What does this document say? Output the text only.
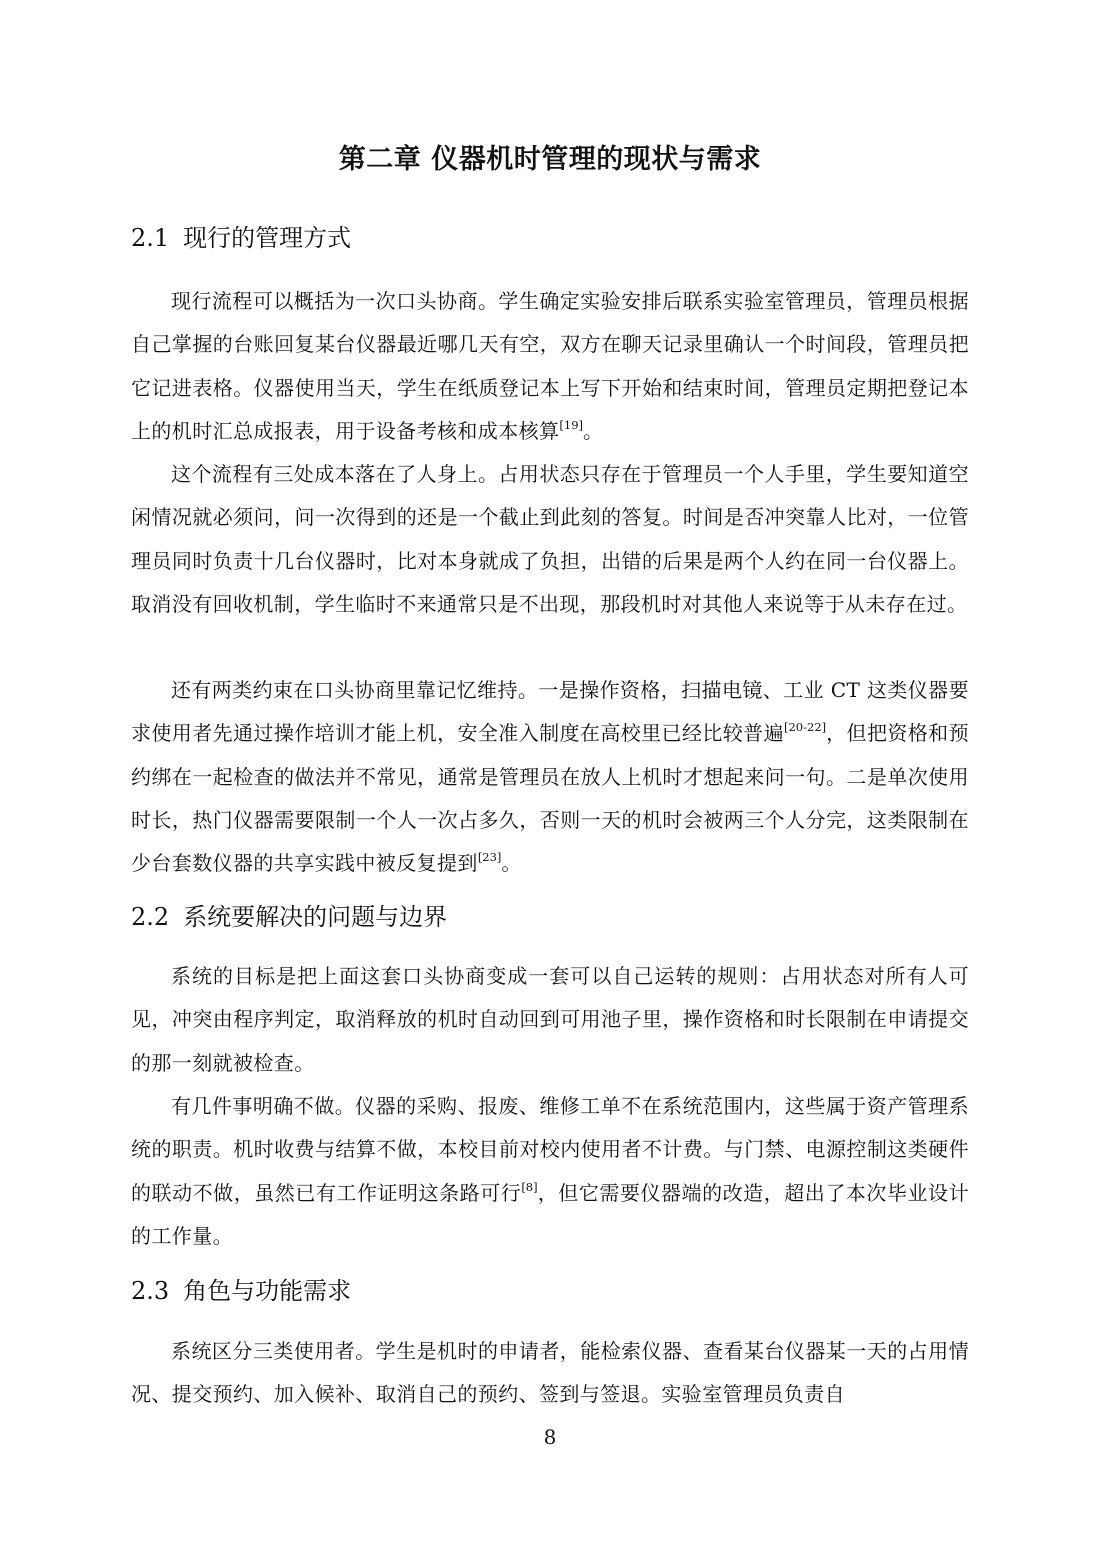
第二章 仪器机时管理的现状与需求
2.1 现行的管理方式

现行流程可以概括为一次口头协商。学生确定实验安排后联系实验室管理员，管理员根据自己掌握的台账回复某台仪器最近哪几天有空，双方在聊天记录里确认一个时间段，管理员把它记进表格。仪器使用当天，学生在纸质登记本上写下开始和结束时间，管理员定期把登记本上的机时汇总成报表，用于设备考核和成本核算[19]。

这个流程有三处成本落在了人身上。占用状态只存在于管理员一个人手里，学生要知道空闲情况就必须问，问一次得到的还是一个截止到此刻的答复。时间是否冲突靠人比对，一位管理员同时负责十几台仪器时，比对本身就成了负担，出错的后果是两个人约在同一台仪器上。取消没有回收机制，学生临时不来通常只是不出现，那段机时对其他人来说等于从未存在过。

还有两类约束在口头协商里靠记忆维持。一是操作资格，扫描电镜、工业 CT 这类仪器要求使用者先通过操作培训才能上机，安全准入制度在高校里已经比较普遍[20-22]，但把资格和预约绑在一起检查的做法并不常见，通常是管理员在放人上机时才想起来问一句。二是单次使用时长，热门仪器需要限制一个人一次占多久，否则一天的机时会被两三个人分完，这类限制在少台套数仪器的共享实践中被反复提到[23]。

2.2 系统要解决的问题与边界

系统的目标是把上面这套口头协商变成一套可以自己运转的规则：占用状态对所有人可见，冲突由程序判定，取消释放的机时自动回到可用池子里，操作资格和时长限制在申请提交的那一刻就被检查。

有几件事明确不做。仪器的采购、报废、维修工单不在系统范围内，这些属于资产管理系统的职责。机时收费与结算不做，本校目前对校内使用者不计费。与门禁、电源控制这类硬件的联动不做，虽然已有工作证明这条路可行[8]，但它需要仪器端的改造，超出了本次毕业设计的工作量。

2.3 角色与功能需求

系统区分三类使用者。学生是机时的申请者，能检索仪器、查看某台仪器某一天的占用情况、提交预约、加入候补、取消自己的预约、签到与签退。实验室管理员负责自

8
